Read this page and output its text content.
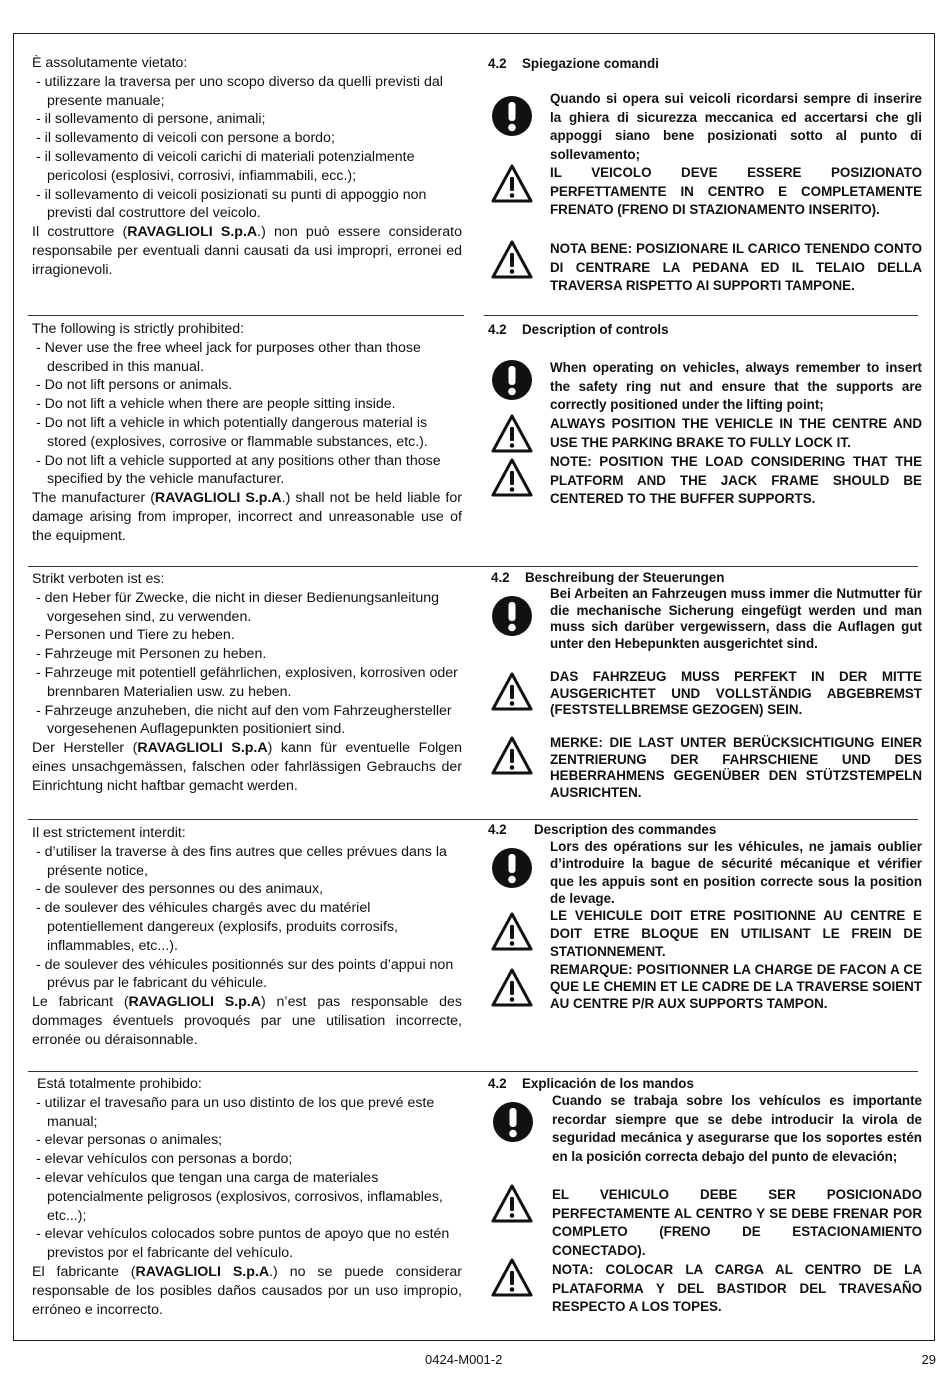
È assolutamente vietato:
- utilizzare la traversa per uno scopo diverso da quelli previsti dal presente manuale;
- il sollevamento di persone, animali;
- il sollevamento di veicoli con persone a bordo;
- il sollevamento di veicoli carichi di materiali potenzialmente pericolosi (esplosivi, corrosivi, infiammabili, ecc.);
- il sollevamento di veicoli posizionati su punti di appoggio non previsti dal costruttore del veicolo.
Il costruttore (RAVAGLIOLI S.p.A.) non può essere considerato responsabile per eventuali danni causati da usi impropri, erronei ed irragionevoli.
4.2 Spiegazione comandi
Quando si opera sui veicoli ricordarsi sempre di inserire la ghiera di sicurezza meccanica ed accertarsi che gli appoggi siano bene posizionati sotto al punto di sollevamento;
IL VEICOLO DEVE ESSERE POSIZIONATO PERFETTAMENTE IN CENTRO E COMPLETAMENTE FRENATO (FRENO DI STAZIONAMENTO INSERITO).
NOTA BENE: POSIZIONARE IL CARICO TENENDO CONTO DI CENTRARE LA PEDANA ED IL TELAIO DELLA TRAVERSA RISPETTO AI SUPPORTI TAMPONE.
The following is strictly prohibited:
- Never use the free wheel jack for purposes other than those described in this manual.
- Do not lift persons or animals.
- Do not lift a vehicle when there are people sitting inside.
- Do not lift a vehicle in which potentially dangerous material is stored (explosives, corrosive or flammable substances, etc.).
- Do not lift a vehicle supported at any positions other than those specified by the vehicle manufacturer.
The manufacturer (RAVAGLIOLI S.p.A.) shall not be held liable for damage arising from improper, incorrect and unreasonable use of the equipment.
4.2 Description of controls
When operating on vehicles, always remember to insert the safety ring nut and ensure that the supports are correctly positioned under the lifting point;
ALWAYS POSITION THE VEHICLE IN THE CENTRE AND USE THE PARKING BRAKE TO FULLY LOCK IT.
NOTE: POSITION THE LOAD CONSIDERING THAT THE PLATFORM AND THE JACK FRAME SHOULD BE CENTERED TO THE BUFFER SUPPORTS.
Strikt verboten ist es:
- den Heber für Zwecke, die nicht in dieser Bedienungsanleitung vorgesehen sind, zu verwenden.
- Personen und Tiere zu heben.
- Fahrzeuge mit Personen zu heben.
- Fahrzeuge mit potentiell gefährlichen, explosiven, korrosiven oder brennbaren Materialien usw. zu heben.
- Fahrzeuge anzuheben, die nicht auf den vom Fahrzeughersteller vorgesehenen Auflagepunkten positioniert sind.
Der Hersteller (RAVAGLIOLI S.p.A) kann für eventuelle Folgen eines unsachgemässen, falschen oder fahrlässigen Gebrauchs der Einrichtung nicht haftbar gemacht werden.
4.2 Beschreibung der Steuerungen
Bei Arbeiten an Fahrzeugen muss immer die Nutmutter für die mechanische Sicherung eingefügt werden und man muss sich darüber vergewissern, dass die Auflagen gut unter den Hebepunkten ausgerichtet sind.
DAS FAHRZEUG MUSS PERFEKT IN DER MITTE AUSGERICHTET UND VOLLSTÄNDIG ABGEBREMST (FESTSTELLBREMSE GEZOGEN) SEIN.
MERKE: DIE LAST UNTER BERÜCKSICHTIGUNG EINER ZENTRIERUNG DER FAHRSCHIENE UND DES HEBERRAHMENS GEGENÜBER DEN STÜTZSTEMPELN AUSRICHTEN.
Il est strictement interdit:
- d’utiliser la traverse à des fins autres que celles prévues dans la présente notice,
- de soulever des personnes ou des animaux,
- de soulever des véhicules chargés avec du matériel potentiellement dangereux (explosifs, produits corrosifs, inflammables, etc...).
- de soulever des véhicules positionnés sur des points d’appui non prévus par le fabricant du véhicule.
Le fabricant (RAVAGLIOLI S.p.A) n’est pas responsable des dommages éventuels provoqués par une utilisation incorrecte, erronée ou déraisonnable.
4.2 Description des commandes
Lors des opérations sur les véhicules, ne jamais oublier d’introduire la bague de sécurité mécanique et vérifier que les appuis sont en position correcte sous la position de levage.
LE VEHICULE DOIT ETRE POSITIONNE AU CENTRE E DOIT ETRE BLOQUE EN UTILISANT LE FREIN DE STATIONNEMENT.
REMARQUE: POSITIONNER LA CHARGE DE FACON A CE QUE LE CHEMIN ET LE CADRE DE LA TRAVERSE SOIENT AU CENTRE P/R AUX SUPPORTS TAMPON.
Está totalmente prohibido:
- utilizar el travesaño para un uso distinto de los que prevé este manual;
- elevar personas o animales;
- elevar vehículos con personas a bordo;
- elevar vehículos que tengan una carga de materiales potencialmente peligrosos (explosivos, corrosivos, inflamables, etc...);
- elevar vehículos colocados sobre puntos de apoyo que no estén previstos por el fabricante del vehículo.
El fabricante (RAVAGLIOLI S.p.A.) no se puede considerar responsable de los posibles daños causados por un uso impropio, erróneo e incorrecto.
4.2 Explicación de los mandos
Cuando se trabaja sobre los vehículos es importante recordar siempre que se debe introducir la virola de seguridad mecánica y asegurarse que los soportes estén en la posición correcta debajo del punto de elevación;
EL VEHICULO DEBE SER POSICIONADO PERFECTAMENTE AL CENTRO Y SE DEBE FRENAR POR COMPLETO (FRENO DE ESTACIONAMIENTO CONECTADO).
NOTA: COLOCAR LA CARGA AL CENTRO DE LA PLATAFORMA Y DEL BASTIDOR DEL TRAVESAÑO RESPECTO A LOS TOPES.
0424-M001-2	29
